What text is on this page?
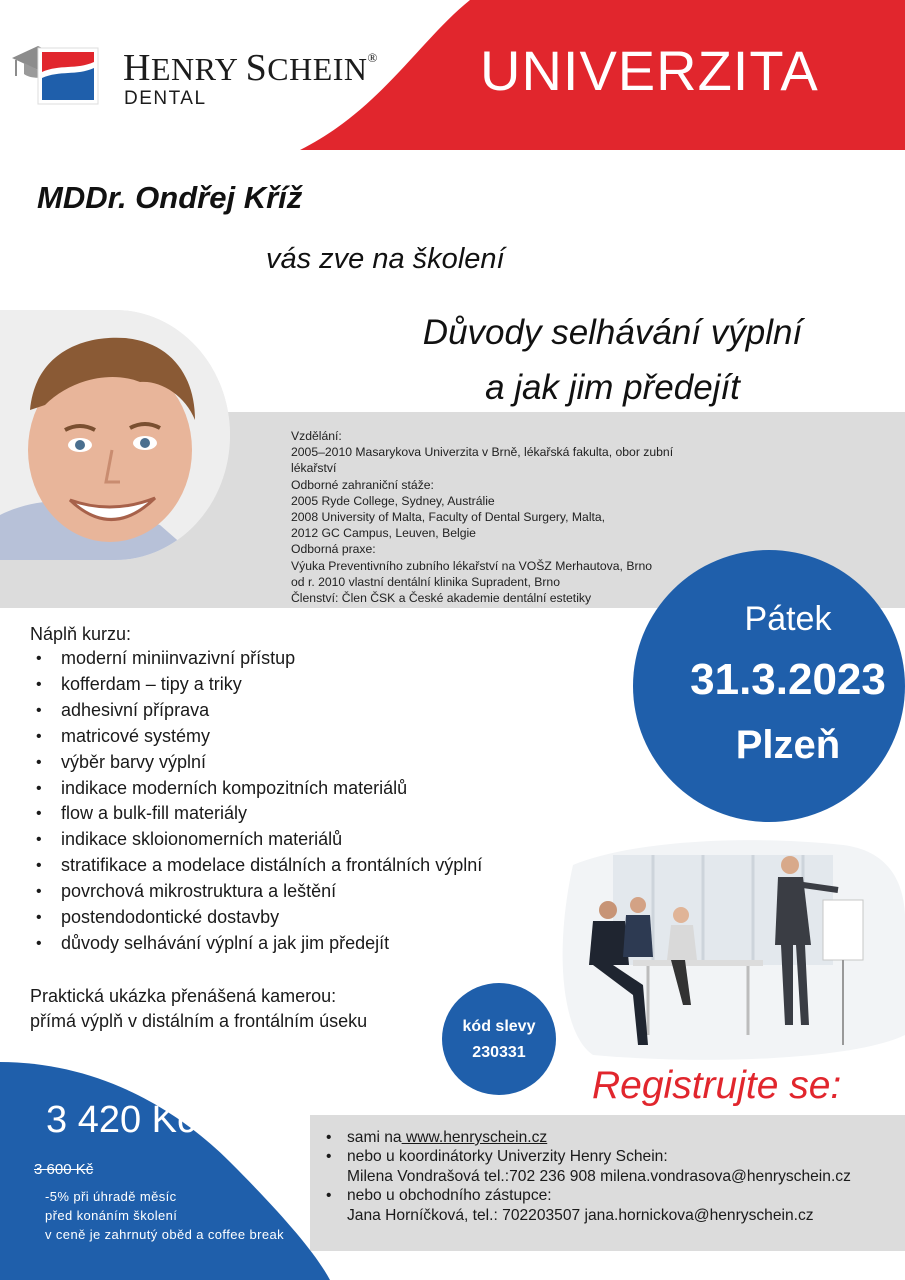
HENRY SCHEIN®
DENTAL	UNIVERZITA
MDDr. Ondřej Kříž
vás zve na školení
Důvody selhávání výplní
a jak jim předejít
Vzdělání:
2005–2010 Masarykova Univerzita v Brně, lékařská fakulta, obor zubní
lékařství
Odborné zahraniční stáže:
2005 Ryde College, Sydney, Austrálie
2008 University of Malta, Faculty of Dental Surgery, Malta,
2012 GC Campus, Leuven, Belgie
Odborná praxe:
Výuka Preventivního zubního lékařství na VOŠZ Merhautova, Brno
od r. 2010 vlastní dentální klinika Supradent, Brno
Členství: Člen ČSK a České akademie dentální estetiky
Pátek
31.3.2023
Plzeň
Náplň kurzu:
• moderní miniinvazivní přístup
• kofferdam – tipy a triky
• adhesivní příprava
• matricové systémy
• výběr barvy výplní
• indikace moderních kompozitních materiálů
• flow a bulk-fill materiály
• indikace skloionomerních materiálů
• stratifikace a modelace distálních a frontálních výplní
• povrchová mikrostruktura a leštění
• postendodontické dostavby
• důvody selhávání výplní a jak jim předejít
Praktická ukázka přenášená kamerou:
přímá výplň v distálním a frontálním úseku	kód slevy
230331
Registrujte se:
• sami na www.henryschein.cz
• nebo u koordinátorky Univerzity Henry Schein:
Milena Vondrašová tel.:702 236 908 milena.vondrasova@henryschein.cz
• nebo u obchodního zástupce:
Jana Horníčková, tel.: 702203507 jana.hornickova@henryschein.cz
3 420 Kč
3 600 Kč
-5% při úhradě měsíc
před konáním školení
v ceně je zahrnutý oběd a coffee break
